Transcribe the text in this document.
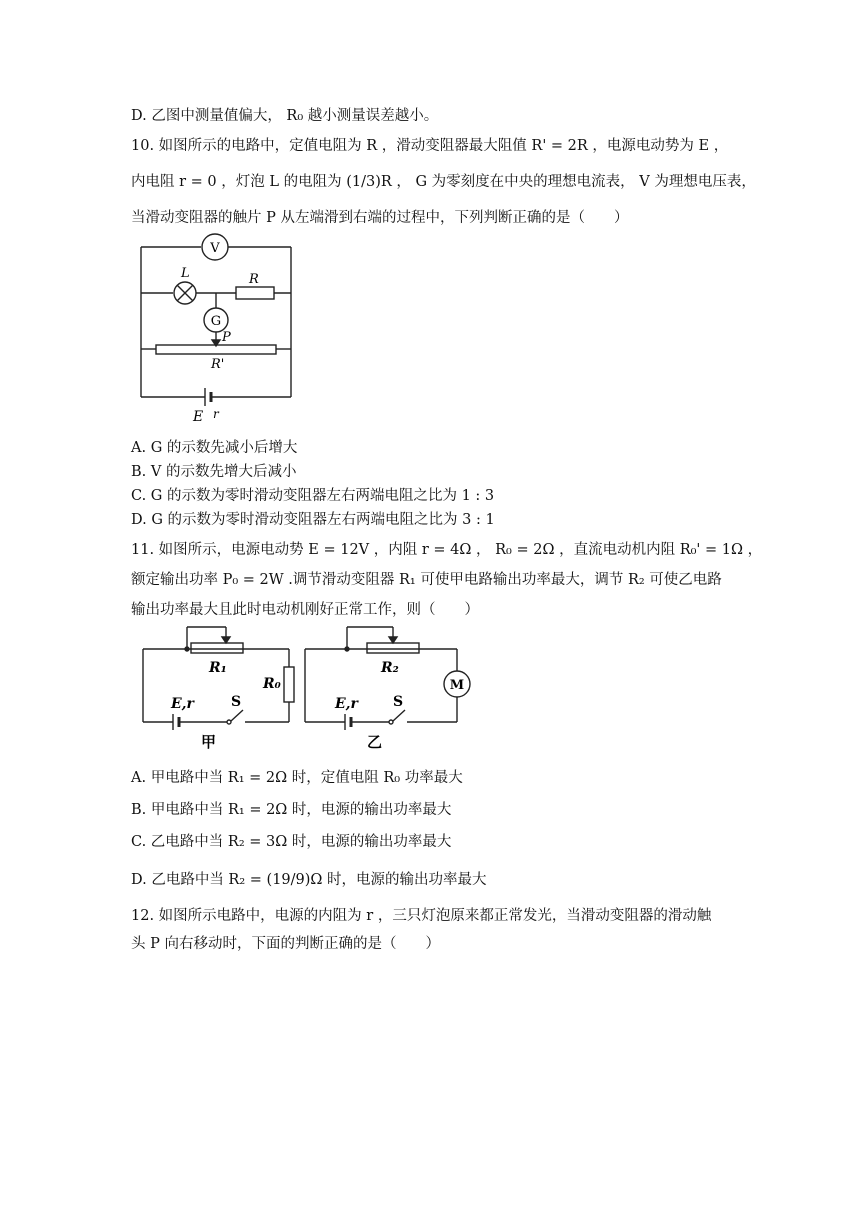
D. 乙图中测量值偏大， R₀ 越小测量误差越小。
10. 如图所示的电路中，定值电阻为 R ，滑动变阻器最大阻值 R' = 2R ，电源电动势为 E ，
内电阻 r = 0 ，灯泡 L 的电阻为 (1/3)R ， G 为零刻度在中央的理想电流表， V 为理想电压表，
当滑动变阻器的触片 P 从左端滑到右端的过程中，下列判断正确的是（　　）
V
L	R
G
P
R'
E r
A. G 的示数先减小后增大
B. V 的示数先增大后减小
C. G 的示数为零时滑动变阻器左右两端电阻之比为 1 : 3
D. G 的示数为零时滑动变阻器左右两端电阻之比为 3 : 1
11. 如图所示，电源电动势 E = 12V ，内阻 r = 4Ω ， R₀ = 2Ω ，直流电动机内阻 R₀' = 1Ω ，
额定输出功率 P₀ = 2W .调节滑动变阻器 R₁ 可使甲电路输出功率最大，调节 R₂ 可使乙电路
输出功率最大且此时电动机刚好正常工作，则（　　）
R₁
R₀
E,r	S
甲
R₂
M
E,r	S
乙
A. 甲电路中当 R₁ = 2Ω 时，定值电阻 R₀ 功率最大
B. 甲电路中当 R₁ = 2Ω 时，电源的输出功率最大
C. 乙电路中当 R₂ = 3Ω 时，电源的输出功率最大
D. 乙电路中当 R₂ = (19/9)Ω 时，电源的输出功率最大
12. 如图所示电路中，电源的内阻为 r ，三只灯泡原来都正常发光，当滑动变阻器的滑动触
头 P 向右移动时，下面的判断正确的是（　　）
